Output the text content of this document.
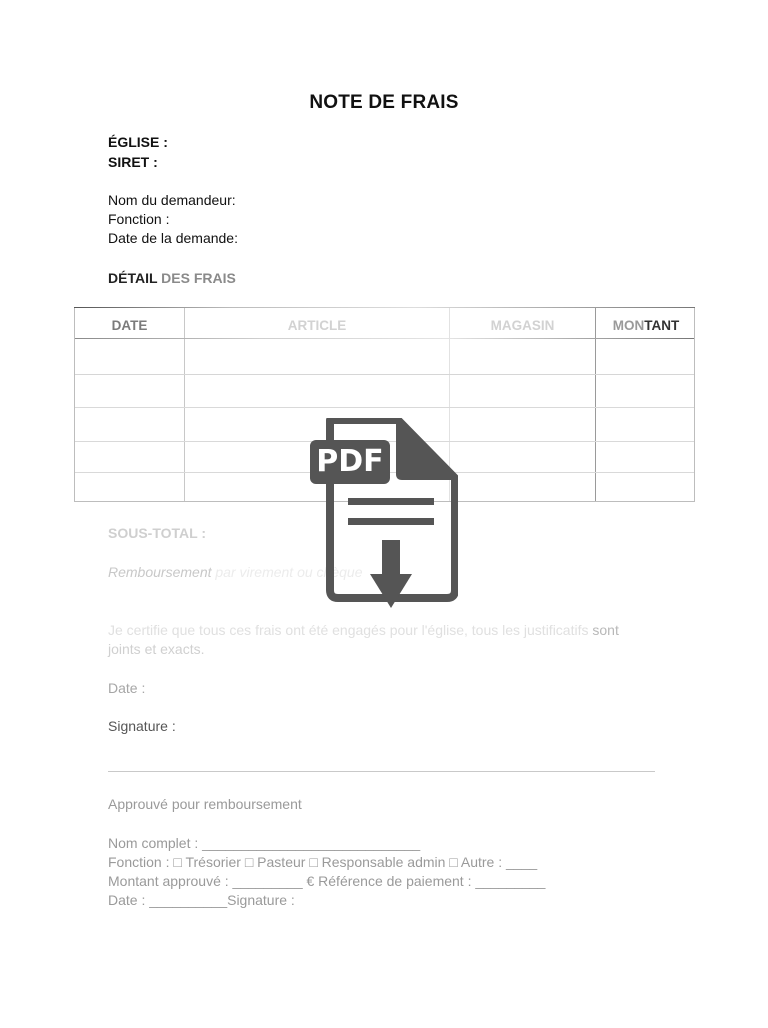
NOTE DE FRAIS
ÉGLISE :
SIRET :
Nom du demandeur:
Fonction :
Date de la demande:
DÉTAIL DES FRAIS
DATE	ARTICLE	MAGASIN	MONTANT
SOUS-TOTAL :
Remboursement par virement ou chèque
Je certifie que tous ces frais ont été engagés pour l'église, tous les justificatifs sont
joints et exacts.
Date :
Signature :
Approuvé pour remboursement
Nom complet : ____________________________
Fonction : □ Trésorier □ Pasteur □ Responsable admin □ Autre : ____
Montant approuvé : _________ € Référence de paiement : _________
Date : __________Signature :
PDF
